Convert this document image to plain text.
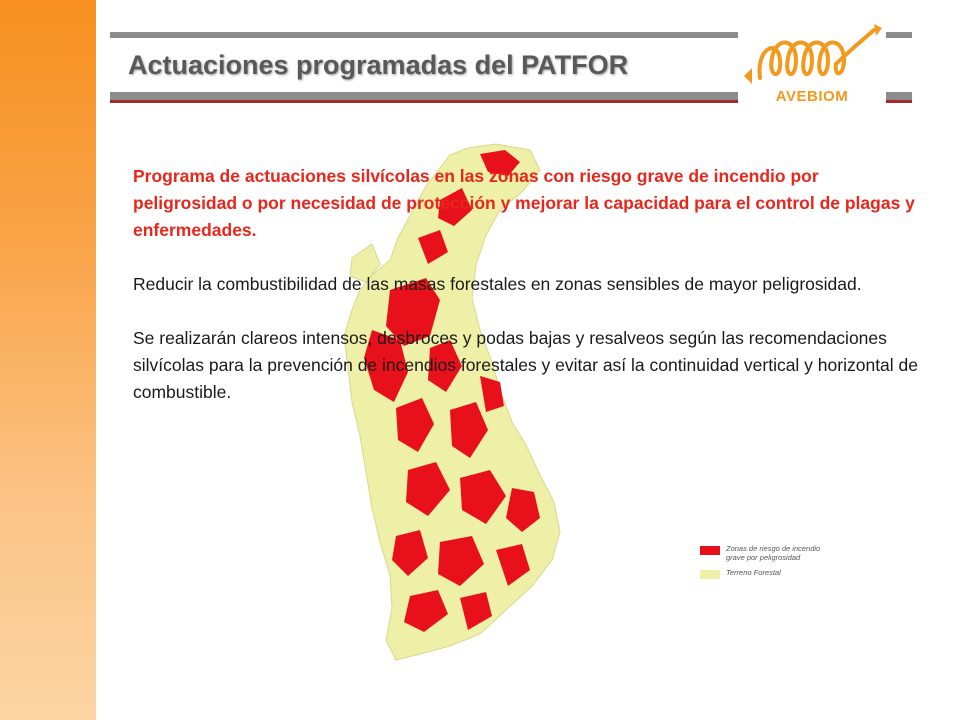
Actuaciones programadas del PATFOR
AVEBIOM
Zonas de riesgo de incendio grave por peligrosidad
Terreno Forestal

Programa de actuaciones silvícolas en las zonas con riesgo grave de incendio por peligrosidad o por necesidad de protección y mejorar la capacidad para el control de plagas y enfermedades.

Reducir la combustibilidad de las masas forestales en zonas sensibles de mayor peligrosidad.

Se realizarán clareos intensos, desbroces y podas bajas y resalveos según las recomendaciones silvícolas para la prevención de incendios forestales y evitar así la continuidad vertical y horizontal de combustible.
